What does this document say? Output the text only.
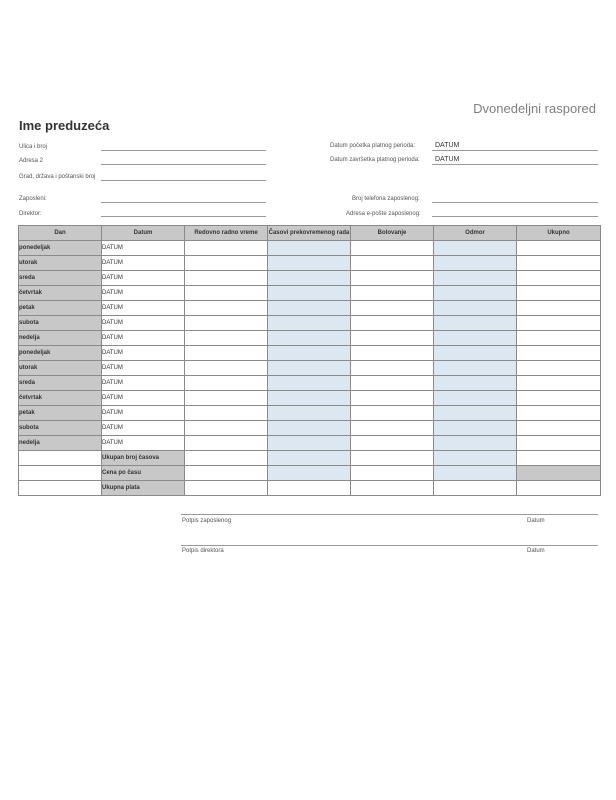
Dvonedeljni raspored
Ime preduzeća
Ulica i broj
Adresa 2
Grad, država i poštanski broj
Zaposleni:
Direktor:
Datum početka platnog perioda:	DATUM
Datum završetka platnog perioda: DATUM
Broj telefona zaposlenog:
Adresa e-pošte zaposlenog:
Dan	Datum	Redovno radno vreme	Časovi prekovremenog rada	Bolovanje	Odmor	Ukupno
ponedeljak	DATUM					
utorak	DATUM					
sreda	DATUM					
četvrtak	DATUM					
petak	DATUM					
subota	DATUM					
nedelja	DATUM					
ponedeljak	DATUM					
utorak	DATUM					
sreda	DATUM					
četvrtak	DATUM					
petak	DATUM					
subota	DATUM					
nedelja	DATUM					
	Ukupan broj časova					
	Cena po času					
	Ukupna plata					
Potpis zaposlenog	Datum
Potpis direktora	Datum
